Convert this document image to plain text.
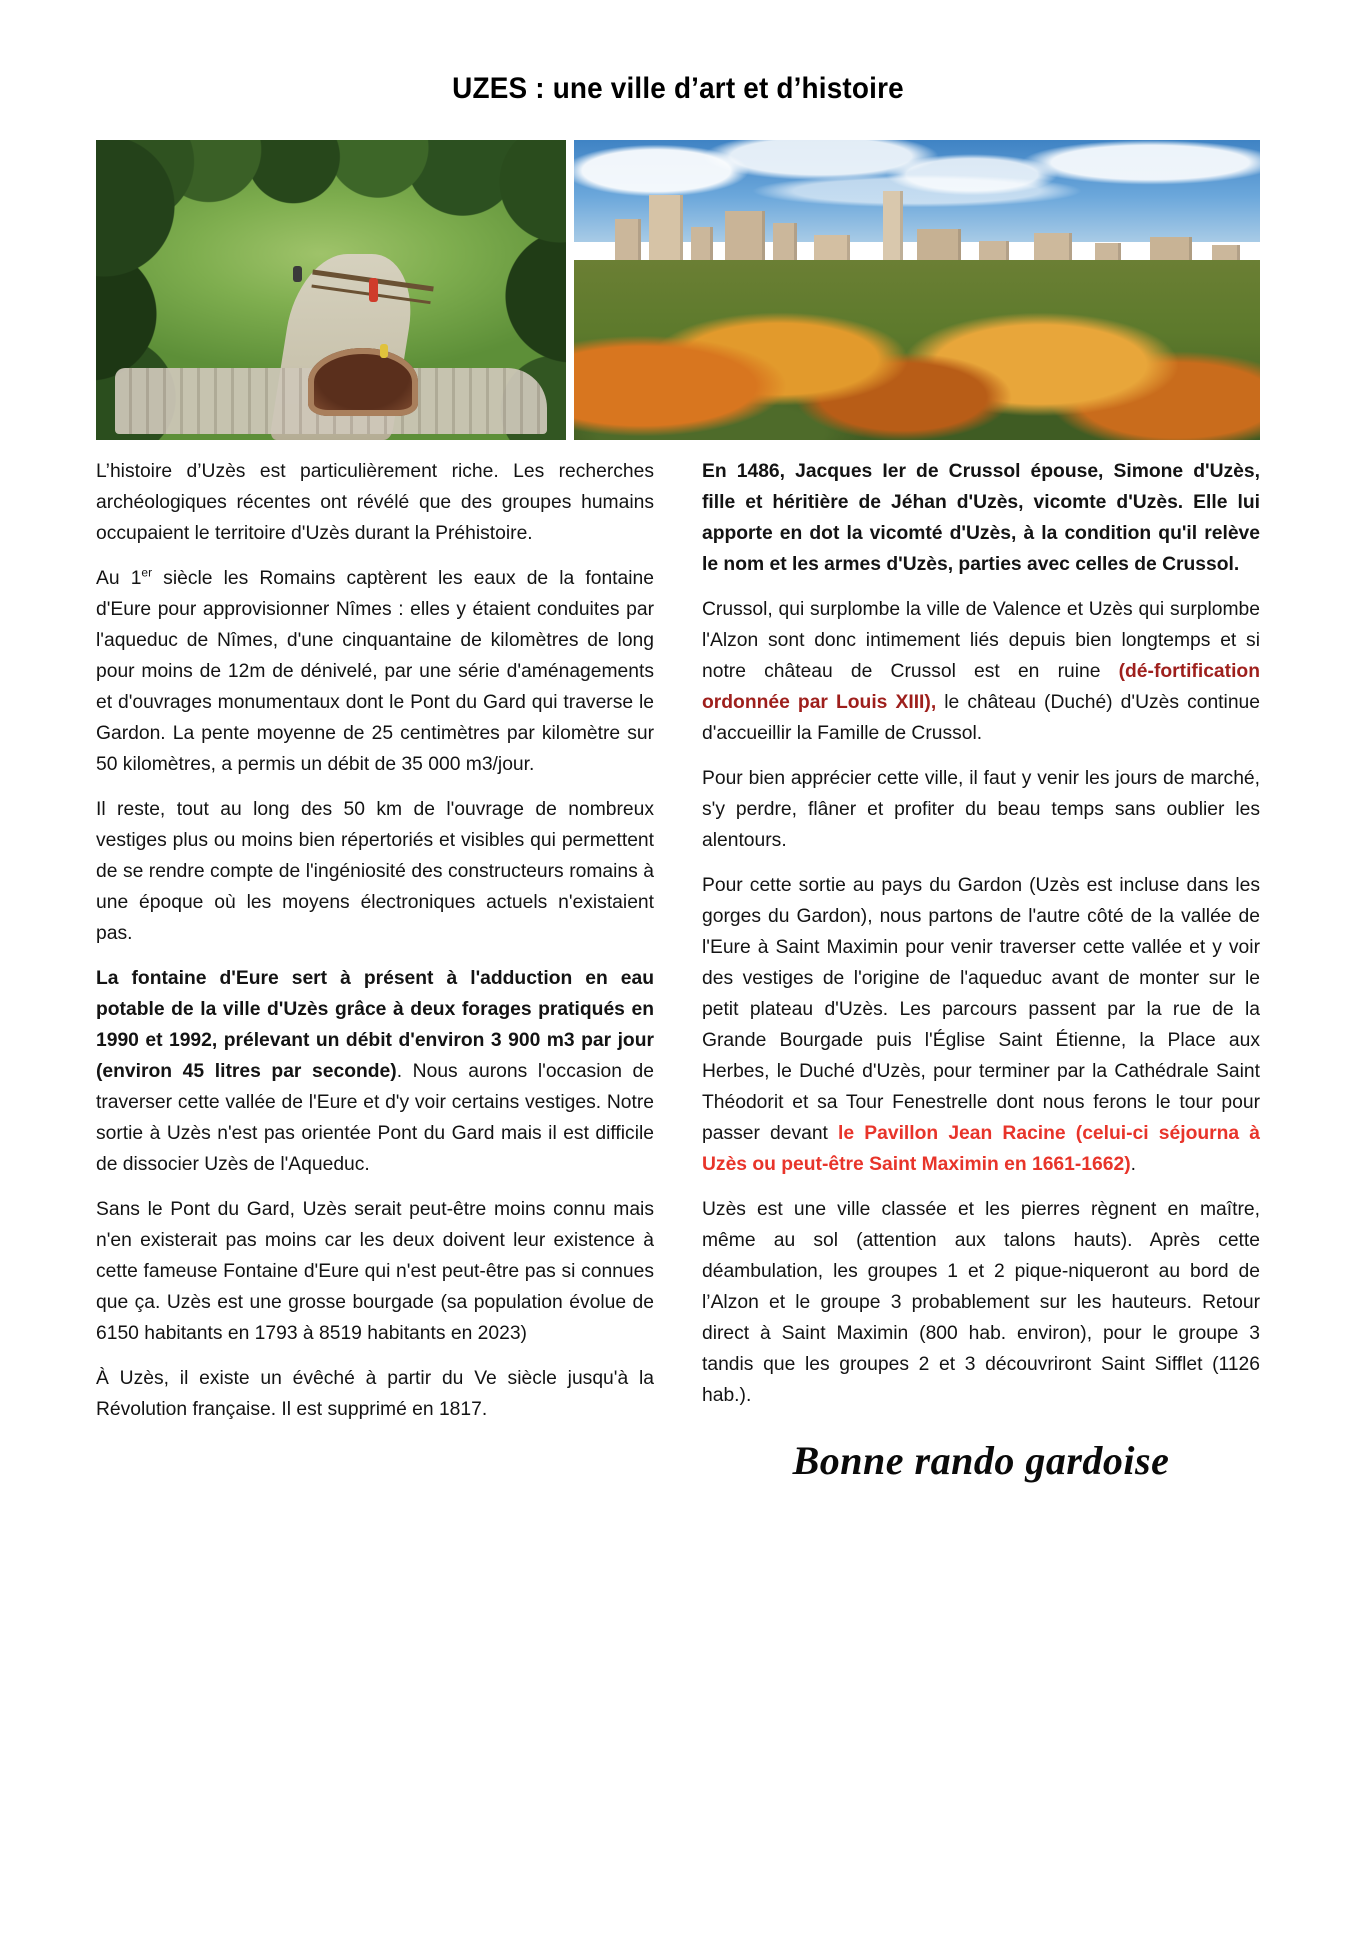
UZES : une ville d’art et d’histoire

L’histoire d’Uzès est particulièrement riche. Les recherches archéologiques récentes ont révélé que des groupes humains occupaient le territoire d'Uzès durant la Préhistoire.

Au 1er siècle les Romains captèrent les eaux de la fontaine d'Eure pour approvisionner Nîmes : elles y étaient conduites par l'aqueduc de Nîmes, d'une cinquantaine de kilomètres de long pour moins de 12m de dénivelé, par une série d'aménagements et d'ouvrages monumentaux dont le Pont du Gard qui traverse le Gardon. La pente moyenne de 25 centimètres par kilomètre sur 50 kilomètres, a permis un débit de 35 000 m3/jour.

Il reste, tout au long des 50 km de l'ouvrage de nombreux vestiges plus ou moins bien répertoriés et visibles qui permettent de se rendre compte de l'ingéniosité des constructeurs romains à une époque où les moyens électroniques actuels n'existaient pas.

La fontaine d'Eure sert à présent à l'adduction en eau potable de la ville d'Uzès grâce à deux forages pratiqués en 1990 et 1992, prélevant un débit d'environ 3 900 m3 par jour (environ 45 litres par seconde). Nous aurons l'occasion de traverser cette vallée de l'Eure et d'y voir certains vestiges. Notre sortie à Uzès n'est pas orientée Pont du Gard mais il est difficile de dissocier Uzès de l'Aqueduc.

Sans le Pont du Gard, Uzès serait peut-être moins connu mais n'en existerait pas moins car les deux doivent leur existence à cette fameuse Fontaine d'Eure qui n'est peut-être pas si connues que ça. Uzès est une grosse bourgade (sa population évolue de 6150 habitants en 1793 à 8519 habitants en 2023)

À Uzès, il existe un évêché à partir du Ve siècle jusqu'à la Révolution française. Il est supprimé en 1817.

En 1486, Jacques Ier de Crussol épouse, Simone d'Uzès, fille et héritière de Jéhan d'Uzès, vicomte d'Uzès. Elle lui apporte en dot la vicomté d'Uzès, à la condition qu'il relève le nom et les armes d'Uzès, parties avec celles de Crussol.

Crussol, qui surplombe la ville de Valence et Uzès qui surplombe l'Alzon sont donc intimement liés depuis bien longtemps et si notre château de Crussol est en ruine (dé-fortification ordonnée par Louis XIII), le château (Duché) d'Uzès continue d'accueillir la Famille de Crussol.

Pour bien apprécier cette ville, il faut y venir les jours de marché, s'y perdre, flâner et profiter du beau temps sans oublier les alentours.

Pour cette sortie au pays du Gardon (Uzès est incluse dans les gorges du Gardon), nous partons de l'autre côté de la vallée de l'Eure à Saint Maximin pour venir traverser cette vallée et y voir des vestiges de l'origine de l'aqueduc avant de monter sur le petit plateau d'Uzès. Les parcours passent par la rue de la Grande Bourgade puis l'Église Saint Étienne, la Place aux Herbes, le Duché d'Uzès, pour terminer par la Cathédrale Saint Théodorit et sa Tour Fenestrelle dont nous ferons le tour pour passer devant le Pavillon Jean Racine (celui-ci séjourna à Uzès ou peut-être Saint Maximin en 1661-1662).

Uzès est une ville classée et les pierres règnent en maître, même au sol (attention aux talons hauts). Après cette déambulation, les groupes 1 et 2 pique-niqueront au bord de l’Alzon et le groupe 3 probablement sur les hauteurs. Retour direct à Saint Maximin (800 hab. environ), pour le groupe 3 tandis que les groupes 2 et 3 découvriront Saint Sifflet (1126 hab.).

Bonne rando gardoise
